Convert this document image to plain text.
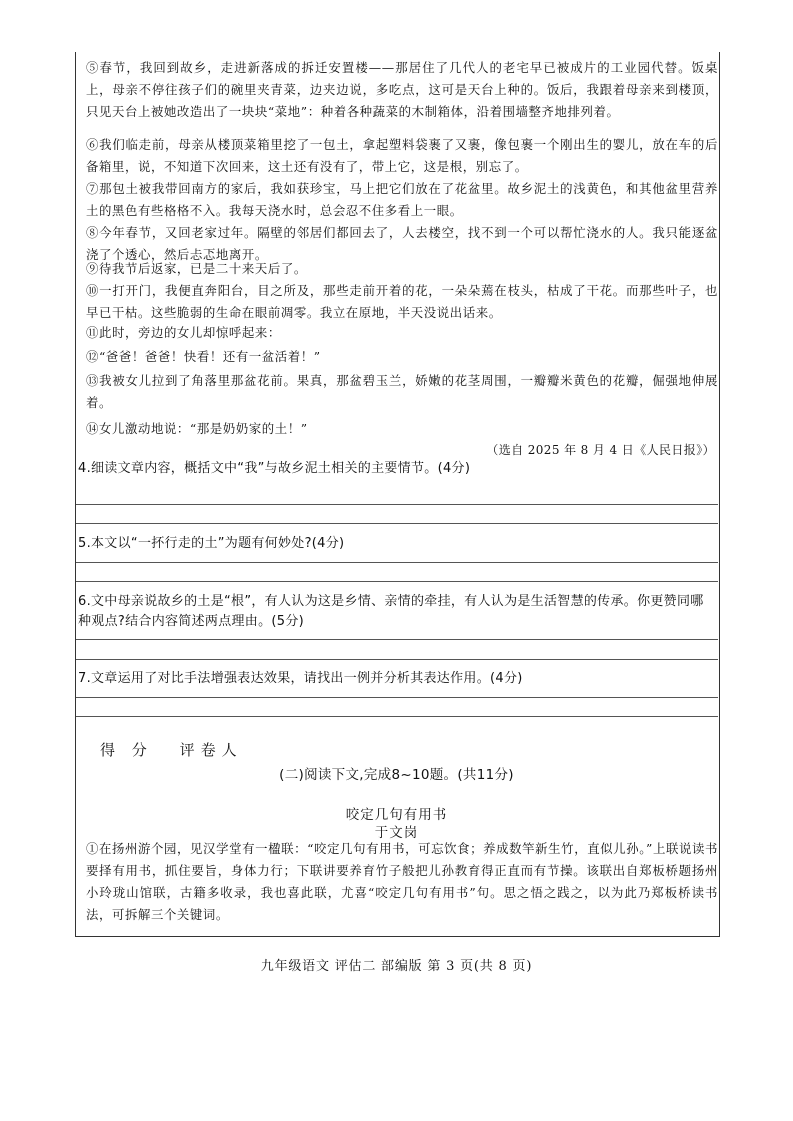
⑤春节，我回到故乡，走进新落成的拆迁安置楼——那居住了几代人的老宅早已被成片的工业园代替。饭桌上，母亲不停往孩子们的碗里夹青菜，边夹边说，多吃点，这可是天台上种的。饭后，我跟着母亲来到楼顶，只见天台上被她改造出了一块块“菜地”：种着各种蔬菜的木制箱体，沿着围墙整齐地排列着。
⑥我们临走前，母亲从楼顶菜箱里挖了一包土，拿起塑料袋裹了又裹，像包裹一个刚出生的婴儿，放在车的后备箱里，说，不知道下次回来，这土还有没有了，带上它，这是根，别忘了。
⑦那包土被我带回南方的家后，我如获珍宝，马上把它们放在了花盆里。故乡泥土的浅黄色，和其他盆里营养土的黑色有些格格不入。我每天浇水时，总会忍不住多看上一眼。
⑧今年春节，又回老家过年。隔壁的邻居们都回去了，人去楼空，找不到一个可以帮忙浇水的人。我只能逐盆浇了个透心，然后忐忑地离开。
⑨待我节后返家，已是二十来天后了。
⑩一打开门，我便直奔阳台，目之所及，那些走前开着的花，一朵朵蔫在枝头，枯成了干花。而那些叶子，也早已干枯。这些脆弱的生命在眼前凋零。我立在原地，半天没说出话来。
⑪此时，旁边的女儿却惊呼起来：
⑫“爸爸！爸爸！快看！还有一盆活着！”
⑬我被女儿拉到了角落里那盆花前。果真，那盆碧玉兰，娇嫩的花茎周围，一瓣瓣米黄色的花瓣，倔强地伸展着。
⑭女儿激动地说：“那是奶奶家的土！”
（选自 2025 年 8 月 4 日《人民日报》）
4.细读文章内容，概括文中“我”与故乡泥土相关的主要情节。(4分)
5.本文以“一抔行走的土”为题有何妙处?(4分)
6.文中母亲说故乡的土是“根”，有人认为这是乡情、亲情的牵挂，有人认为是生活智慧的传承。你更赞同哪种观点?结合内容简述两点理由。(5分)
7.文章运用了对比手法增强表达效果，请找出一例并分析其表达作用。(4分)
得 分 评卷人
(二)阅读下文,完成8~10题。(共11分)
咬定几句有用书
于文岗
①在扬州游个园，见汉学堂有一楹联：“咬定几句有用书，可忘饮食；养成数竿新生竹，直似儿孙。”上联说读书要择有用书，抓住要旨，身体力行；下联讲要养育竹子般把儿孙教育得正直而有节操。该联出自郑板桥题扬州小玲珑山馆联，古籍多收录，我也喜此联，尤喜“咬定几句有用书”句。思之悟之践之，以为此乃郑板桥读书法，可拆解三个关键词。
九年级语文 评估二 部编版 第 3 页(共 8 页)
